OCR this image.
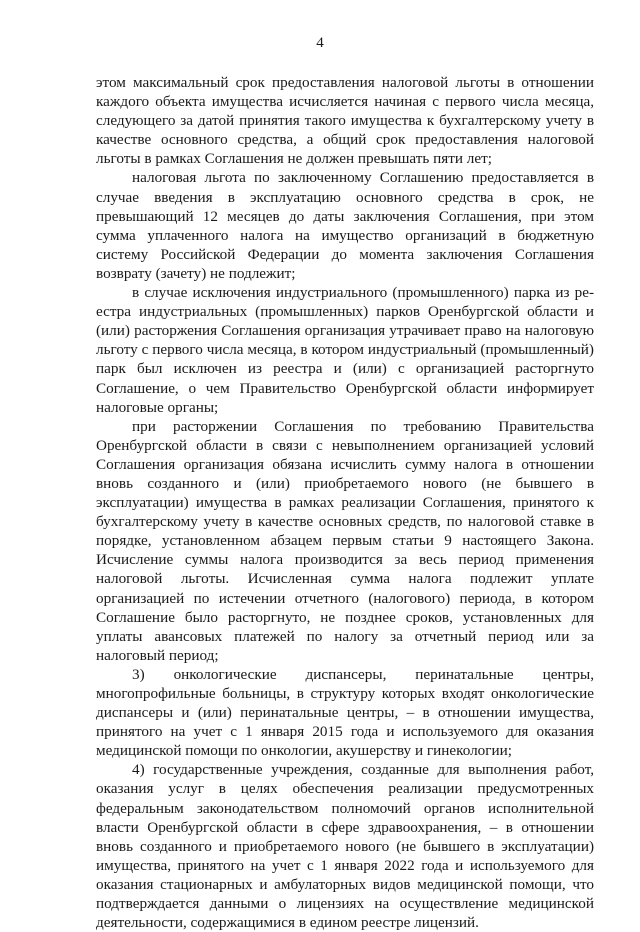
4

этом максимальный срок предоставления налоговой льготы в отношении каждого объекта имущества исчисляется начиная с первого числа месяца, следующего за датой принятия такого имущества к бухгалтерскому учету в качестве основного средства, а общий срок предоставления налоговой льготы в рамках Соглашения не должен превышать пяти лет;

налоговая льгота по заключенному Соглашению предоставляется в случае введения в эксплуатацию основного средства в срок, не превышающий 12 месяцев до даты заключения Соглашения, при этом сумма уплаченного налога на имущество организаций в бюджетную систему Российской Федерации до момента заключения Соглашения возврату (зачету) не подлежит;

в случае исключения индустриального (промышленного) парка из реестра индустриальных (промышленных) парков Оренбургской области и (или) расторжения Соглашения организация утрачивает право на налоговую льготу с первого числа месяца, в котором индустриальный (промышленный) парк был исключен из реестра и (или) с организацией расторгнуто Соглашение, о чем Правительство Оренбургской области информирует налоговые органы;

при расторжении Соглашения по требованию Правительства Оренбургской области в связи с невыполнением организацией условий Соглашения организация обязана исчислить сумму налога в отношении вновь созданного и (или) приобретаемого нового (не бывшего в эксплуатации) имущества в рамках реализации Соглашения, принятого к бухгалтерскому учету в качестве основных средств, по налоговой ставке в порядке, установленном абзацем первым статьи 9 настоящего Закона. Исчисление суммы налога производится за весь период применения налоговой льготы. Исчисленная сумма налога подлежит уплате организацией по истечении отчетного (налогового) периода, в котором Соглашение было расторгнуто, не позднее сроков, установленных для уплаты авансовых платежей по налогу за отчетный период или за налоговый период;

3) онкологические диспансеры, перинатальные центры, многопрофильные больницы, в структуру которых входят онкологические диспансеры и (или) перинатальные центры, – в отношении имущества, принятого на учет с 1 января 2015 года и используемого для оказания медицинской помощи по онкологии, акушерству и гинекологии;

4) государственные учреждения, созданные для выполнения работ, оказания услуг в целях обеспечения реализации предусмотренных федеральным законодательством полномочий органов исполнительной власти Оренбургской области в сфере здравоохранения, – в отношении вновь созданного и приобретаемого нового (не бывшего в эксплуатации) имущества, принятого на учет с 1 января 2022 года и используемого для оказания стационарных и амбулаторных видов медицинской помощи, что подтверждается данными о лицензиях на осуществление медицинской деятельности, содержащимися в едином реестре лицензий.
